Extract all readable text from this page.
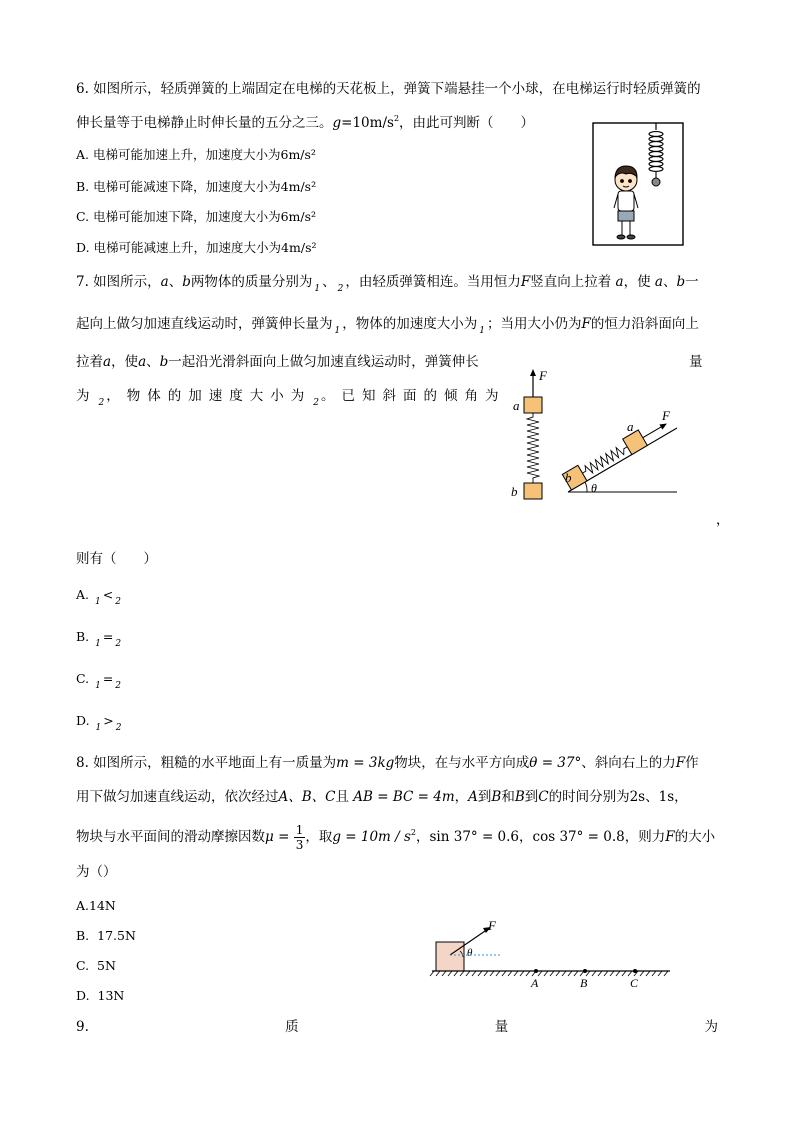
6. 如图所示，轻质弹簧的上端固定在电梯的天花板上，弹簧下端悬挂一个小球，在电梯运行时轻质弹簧的
伸长量等于电梯静止时伸长量的五分之三。$g=10m/s^2$，由此可判断（　　）
A. 电梯可能加速上升，加速度大小为6m/s²
B. 电梯可能减速下降，加速度大小为4m/s²
C. 电梯可能加速下降，加速度大小为6m/s²
D. 电梯可能减速上升，加速度大小为4m/s²
7. 如图所示，a、b两物体的质量分别为 $_1$ 、 $_2$ ，由轻质弹簧相连。当用恒力F竖直向上拉着 a，使 a、b一
起向上做匀加速直线运动时，弹簧伸长量为 $_1$ ，物体的加速度大小为 $_1$ ；当用大小仍为F的恒力沿斜面向上
拉着a，使a、b一起沿光滑斜面向上做匀加速直线运动时，弹簧伸长	量
为 $_2$ ，物体的加速度大小为 $_2$ 。已知斜面的倾角为
，
则有（　　）
A. $_1$ < $_2$
B. $_1$ = $_2$
C. $_1$ = $_2$
D. $_1$ > $_2$
F
a
b	θ
b
a
F
8. 如图所示，粗糙的水平地面上有一质量为m = 3kg物块，在与水平方向成θ = 37°、斜向右上的力F作
用下做匀加速直线运动，依次经过A、B、C且 AB = BC = 4m，A到B和B到C的时间分别为2s、1s，
物块与水平面间的滑动摩擦因数$\mu = \frac{1}{3}$ ，取$g = 10m / s^2$，sin 37° = 0.6，cos 37° = 0.8，则力F的大小
为（）
A.14N
B. 17.5N
C. 5N
D. 13N
F
θ
A	B	C
9.	质	量	为
